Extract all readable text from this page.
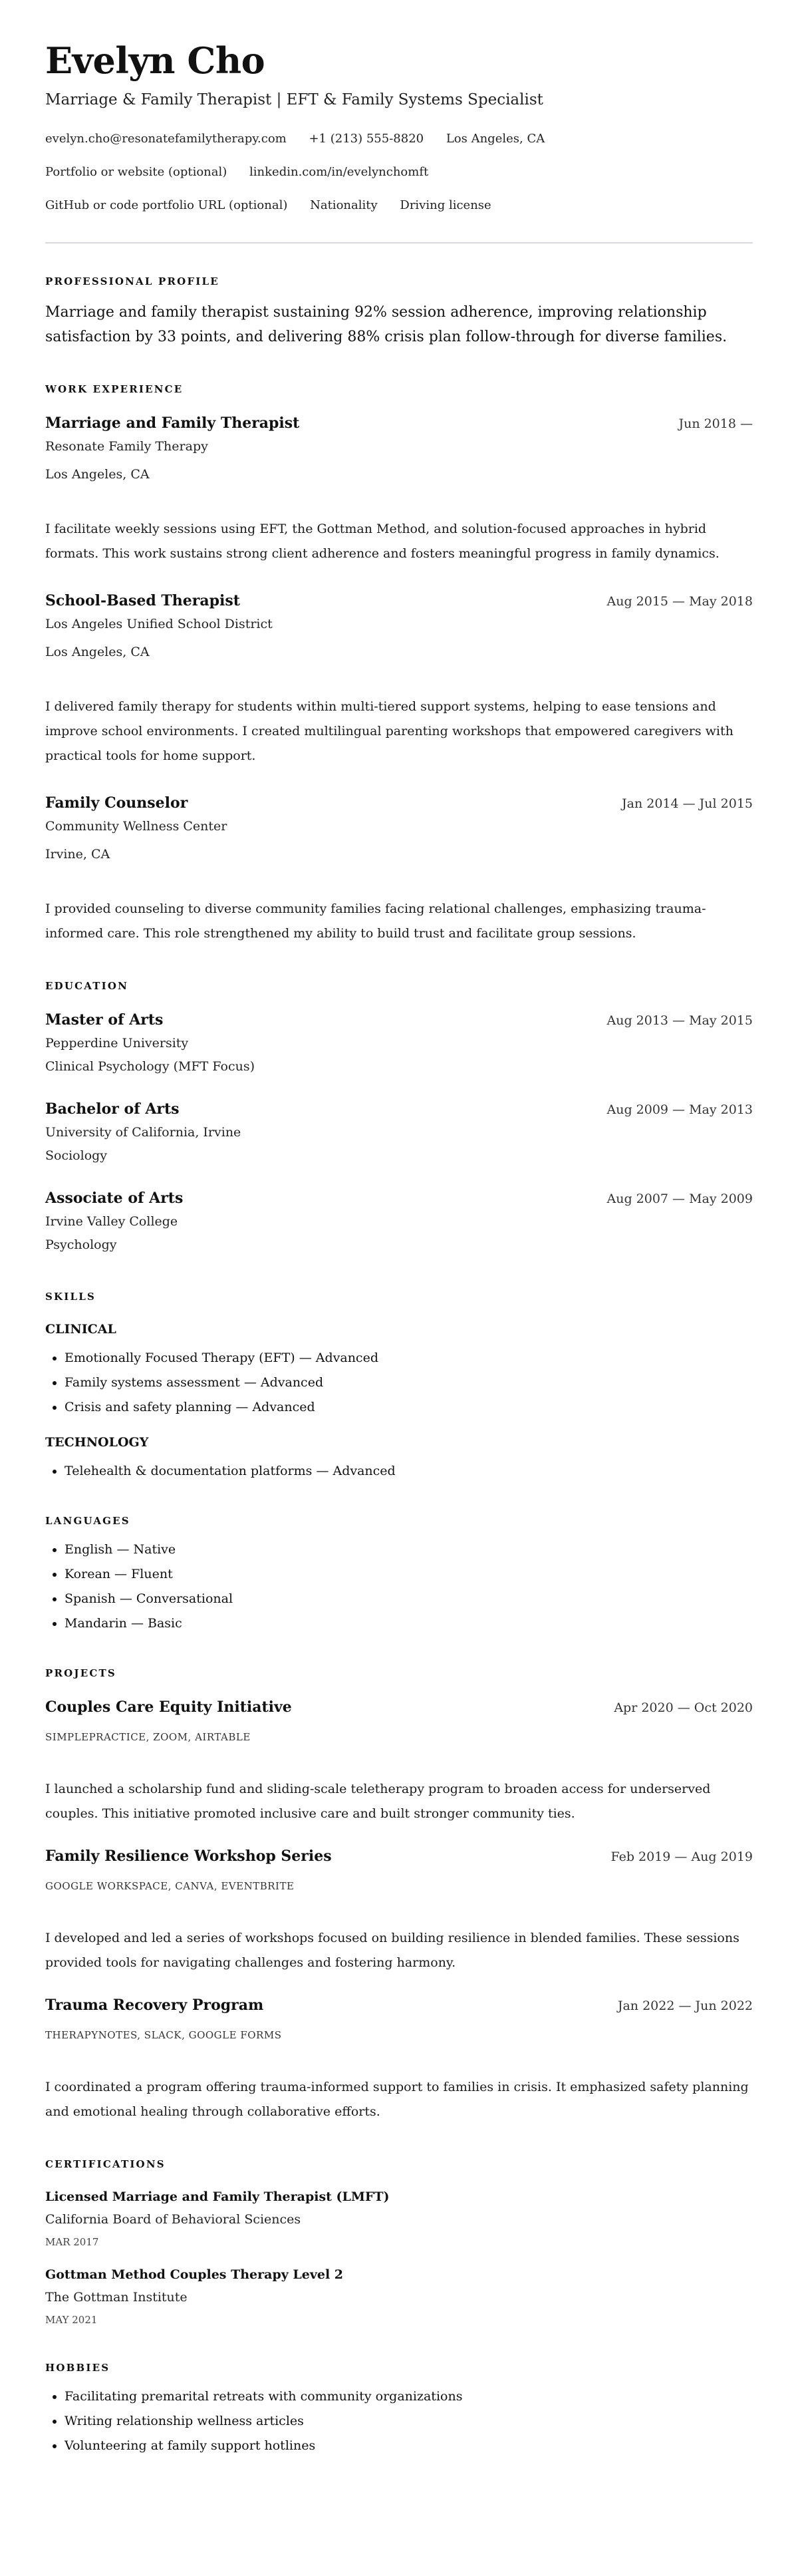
Evelyn Cho
Marriage & Family Therapist | EFT & Family Systems Specialist
evelyn.cho@resonatefamilytherapy.com +1 (213) 555-8820 Los Angeles, CA
Portfolio or website (optional) linkedin.com/in/evelynchomft
GitHub or code portfolio URL (optional) Nationality Driving license
PROFESSIONAL PROFILE
Marriage and family therapist sustaining 92% session adherence, improving relationship satisfaction by 33 points, and delivering 88% crisis plan follow-through for diverse families.
WORK EXPERIENCE
Marriage and Family Therapist	Jun 2018 —
Resonate Family Therapy
Los Angeles, CA

I facilitate weekly sessions using EFT, the Gottman Method, and solution-focused approaches in hybrid formats. This work sustains strong client adherence and fosters meaningful progress in family dynamics.

School-Based Therapist	Aug 2015 — May 2018
Los Angeles Unified School District
Los Angeles, CA

I delivered family therapy for students within multi-tiered support systems, helping to ease tensions and improve school environments. I created multilingual parenting workshops that empowered caregivers with practical tools for home support.

Family Counselor	Jan 2014 — Jul 2015
Community Wellness Center
Irvine, CA

I provided counseling to diverse community families facing relational challenges, emphasizing trauma-informed care. This role strengthened my ability to build trust and facilitate group sessions.

EDUCATION
Master of Arts	Aug 2013 — May 2015
Pepperdine University
Clinical Psychology (MFT Focus)
Bachelor of Arts	Aug 2009 — May 2013
University of California, Irvine
Sociology
Associate of Arts	Aug 2007 — May 2009
Irvine Valley College
Psychology
SKILLS
CLINICAL
• Emotionally Focused Therapy (EFT) — Advanced
• Family systems assessment — Advanced
• Crisis and safety planning — Advanced
TECHNOLOGY
• Telehealth & documentation platforms — Advanced
LANGUAGES
• English — Native
• Korean — Fluent
• Spanish — Conversational
• Mandarin — Basic
PROJECTS
Couples Care Equity Initiative	Apr 2020 — Oct 2020
SIMPLEPRACTICE, ZOOM, AIRTABLE

I launched a scholarship fund and sliding-scale teletherapy program to broaden access for underserved couples. This initiative promoted inclusive care and built stronger community ties.

Family Resilience Workshop Series	Feb 2019 — Aug 2019
GOOGLE WORKSPACE, CANVA, EVENTBRITE

I developed and led a series of workshops focused on building resilience in blended families. These sessions provided tools for navigating challenges and fostering harmony.

Trauma Recovery Program	Jan 2022 — Jun 2022
THERAPYNOTES, SLACK, GOOGLE FORMS

I coordinated a program offering trauma-informed support to families in crisis. It emphasized safety planning and emotional healing through collaborative efforts.

CERTIFICATIONS
Licensed Marriage and Family Therapist (LMFT)
California Board of Behavioral Sciences
MAR 2017
Gottman Method Couples Therapy Level 2
The Gottman Institute
MAY 2021
HOBBIES
• Facilitating premarital retreats with community organizations
• Writing relationship wellness articles
• Volunteering at family support hotlines
